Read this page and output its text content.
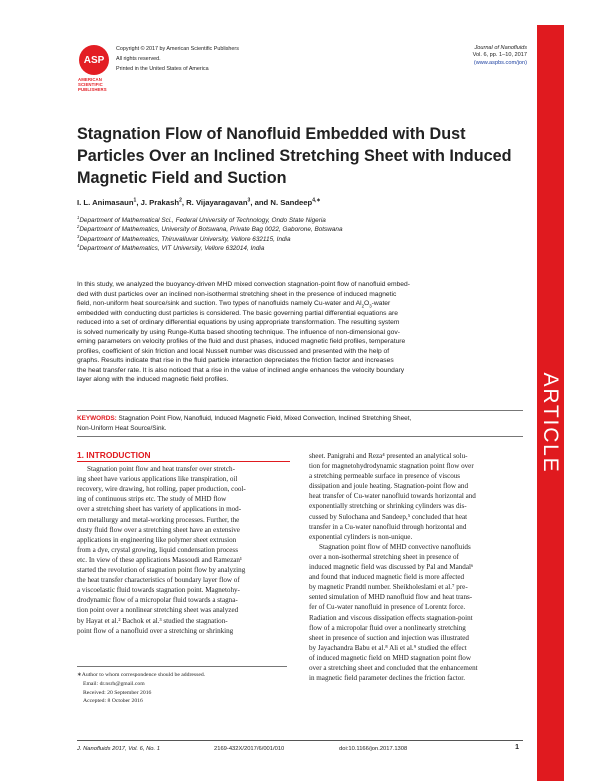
ASP
AMERICAN
SCIENTIFIC
PUBLISHERS
Copyright © 2017 by American Scientific Publishers
All rights reserved.
Printed in the United States of America
Journal of Nanofluids
Vol. 6, pp. 1–10, 2017
(www.aspbs.com/jon)
ARTICLE
Stagnation Flow of Nanofluid Embedded with Dust Particles Over an Inclined Stretching Sheet with Induced Magnetic Field and Suction
I. L. Animasaun$^1$, J. Prakash$^2$, R. Vijayaragavan$^3$, and N. Sandeep$^{4,∗}$

$^1$Department of Mathematical Sci., Federal University of Technology, Ondo State Nigeria

$^2$Department of Mathematics, University of Botswana, Private Bag 0022, Gaborone, Botswana

$^3$Department of Mathematics, Thiruvalluvar University, Vellore 632115, India

$^4$Department of Mathematics, VIT University, Vellore 632014, India

In this study, we analyzed the buoyancy-driven MHD mixed convection stagnation-point flow of nanofluid embed-
ded with dust particles over an inclined non-isothermal stretching sheet in the presence of induced magnetic
field, non-uniform heat source/sink and suction. Two types of nanofluids namely Cu-water and $Al_2O_3$-water
embedded with conducting dust particles is considered. The basic governing partial differential equations are
reduced into a set of ordinary differential equations by using appropriate transformation. The resulting system
is solved numerically by using Runge-Kutta based shooting technique. The influence of non-dimensional gov-
erning parameters on velocity profiles of the fluid and dust phases, induced magnetic field profiles, temperature
profiles, coefficient of skin friction and local Nusselt number was discussed and presented with the help of
graphs. Results indicate that rise in the fluid particle interaction depreciates the friction factor and increases
the heat transfer rate. It is also noticed that a rise in the value of inclined angle enhances the velocity boundary
layer along with the induced magnetic field profiles.
KEYWORDS: Stagnation Point Flow, Nanofluid, Induced Magnetic Field, Mixed Convection, Inclined Stretching Sheet,
Non-Uniform Heat Source/Sink.
1. INTRODUCTION

Stagnation point flow and heat transfer over stretch-

ing sheet have various applications like transpiration, oil

recovery, wire drawing, hot rolling, paper production, cool-

ing of continuous strips etc. The study of MHD flow

over a stretching sheet has variety of applications in mod-

ern metallurgy and metal-working processes. Further, the

dusty fluid flow over a stretching sheet have an extensive

applications in engineering like polymer sheet extrusion

from a dye, crystal growing, liquid condensation process

etc. In view of these applications Massoudi and Ramezan¹

started the revolution of stagnation point flow by analyzing

the heat transfer characteristics of boundary layer flow of

a viscoelastic fluid towards stagnation point. Magnetohy-

drodynamic flow of a micropolar fluid towards a stagna-

tion point over a nonlinear stretching sheet was analyzed

by Hayat et al.² Bachok et al.³ studied the stagnation-

point flow of a nanofluid over a stretching or shrinking

sheet. Panigrahi and Reza⁴ presented an analytical solu-

tion for magnetohydrodynamic stagnation point flow over

a stretching permeable surface in presence of viscous

dissipation and joule heating. Stagnation-point flow and

heat transfer of Cu-water nanofluid towards horizontal and

exponentially stretching or shrinking cylinders was dis-

cussed by Sulochana and Sandeep,⁵ concluded that heat

transfer in a Cu-water nanofluid through horizontal and

exponential cylinders is non-unique.

Stagnation point flow of MHD convective nanofluids

over a non-isothermal stretching sheet in presence of

induced magnetic field was discussed by Pal and Mandal⁶

and found that induced magnetic field is more affected

by magnetic Prandtl number. Sheikholeslami et al.⁷ pre-

sented simulation of MHD nanofluid flow and heat trans-

fer of Cu-water nanofluid in presence of Lorentz force.

Radiation and viscous dissipation effects stagnation-point

flow of a micropolar fluid over a nonlinearly stretching

sheet in presence of suction and injection was illustrated

by Jayachandra Babu et al.⁸ Ali et al.⁹ studied the effect

of induced magnetic field on MHD stagnation point flow

over a stretching sheet and concluded that the enhancement

in magnetic field parameter declines the friction factor.

∗Author to whom correspondence should be addressed.
Email: dr.nsrh@gmail.com
Received: 20 September 2016
Accepted: 8 October 2016
J. Nanofluids 2017, Vol. 6, No. 1	2169-432X/2017/6/001/010	doi:10.1166/jon.2017.1308	1
